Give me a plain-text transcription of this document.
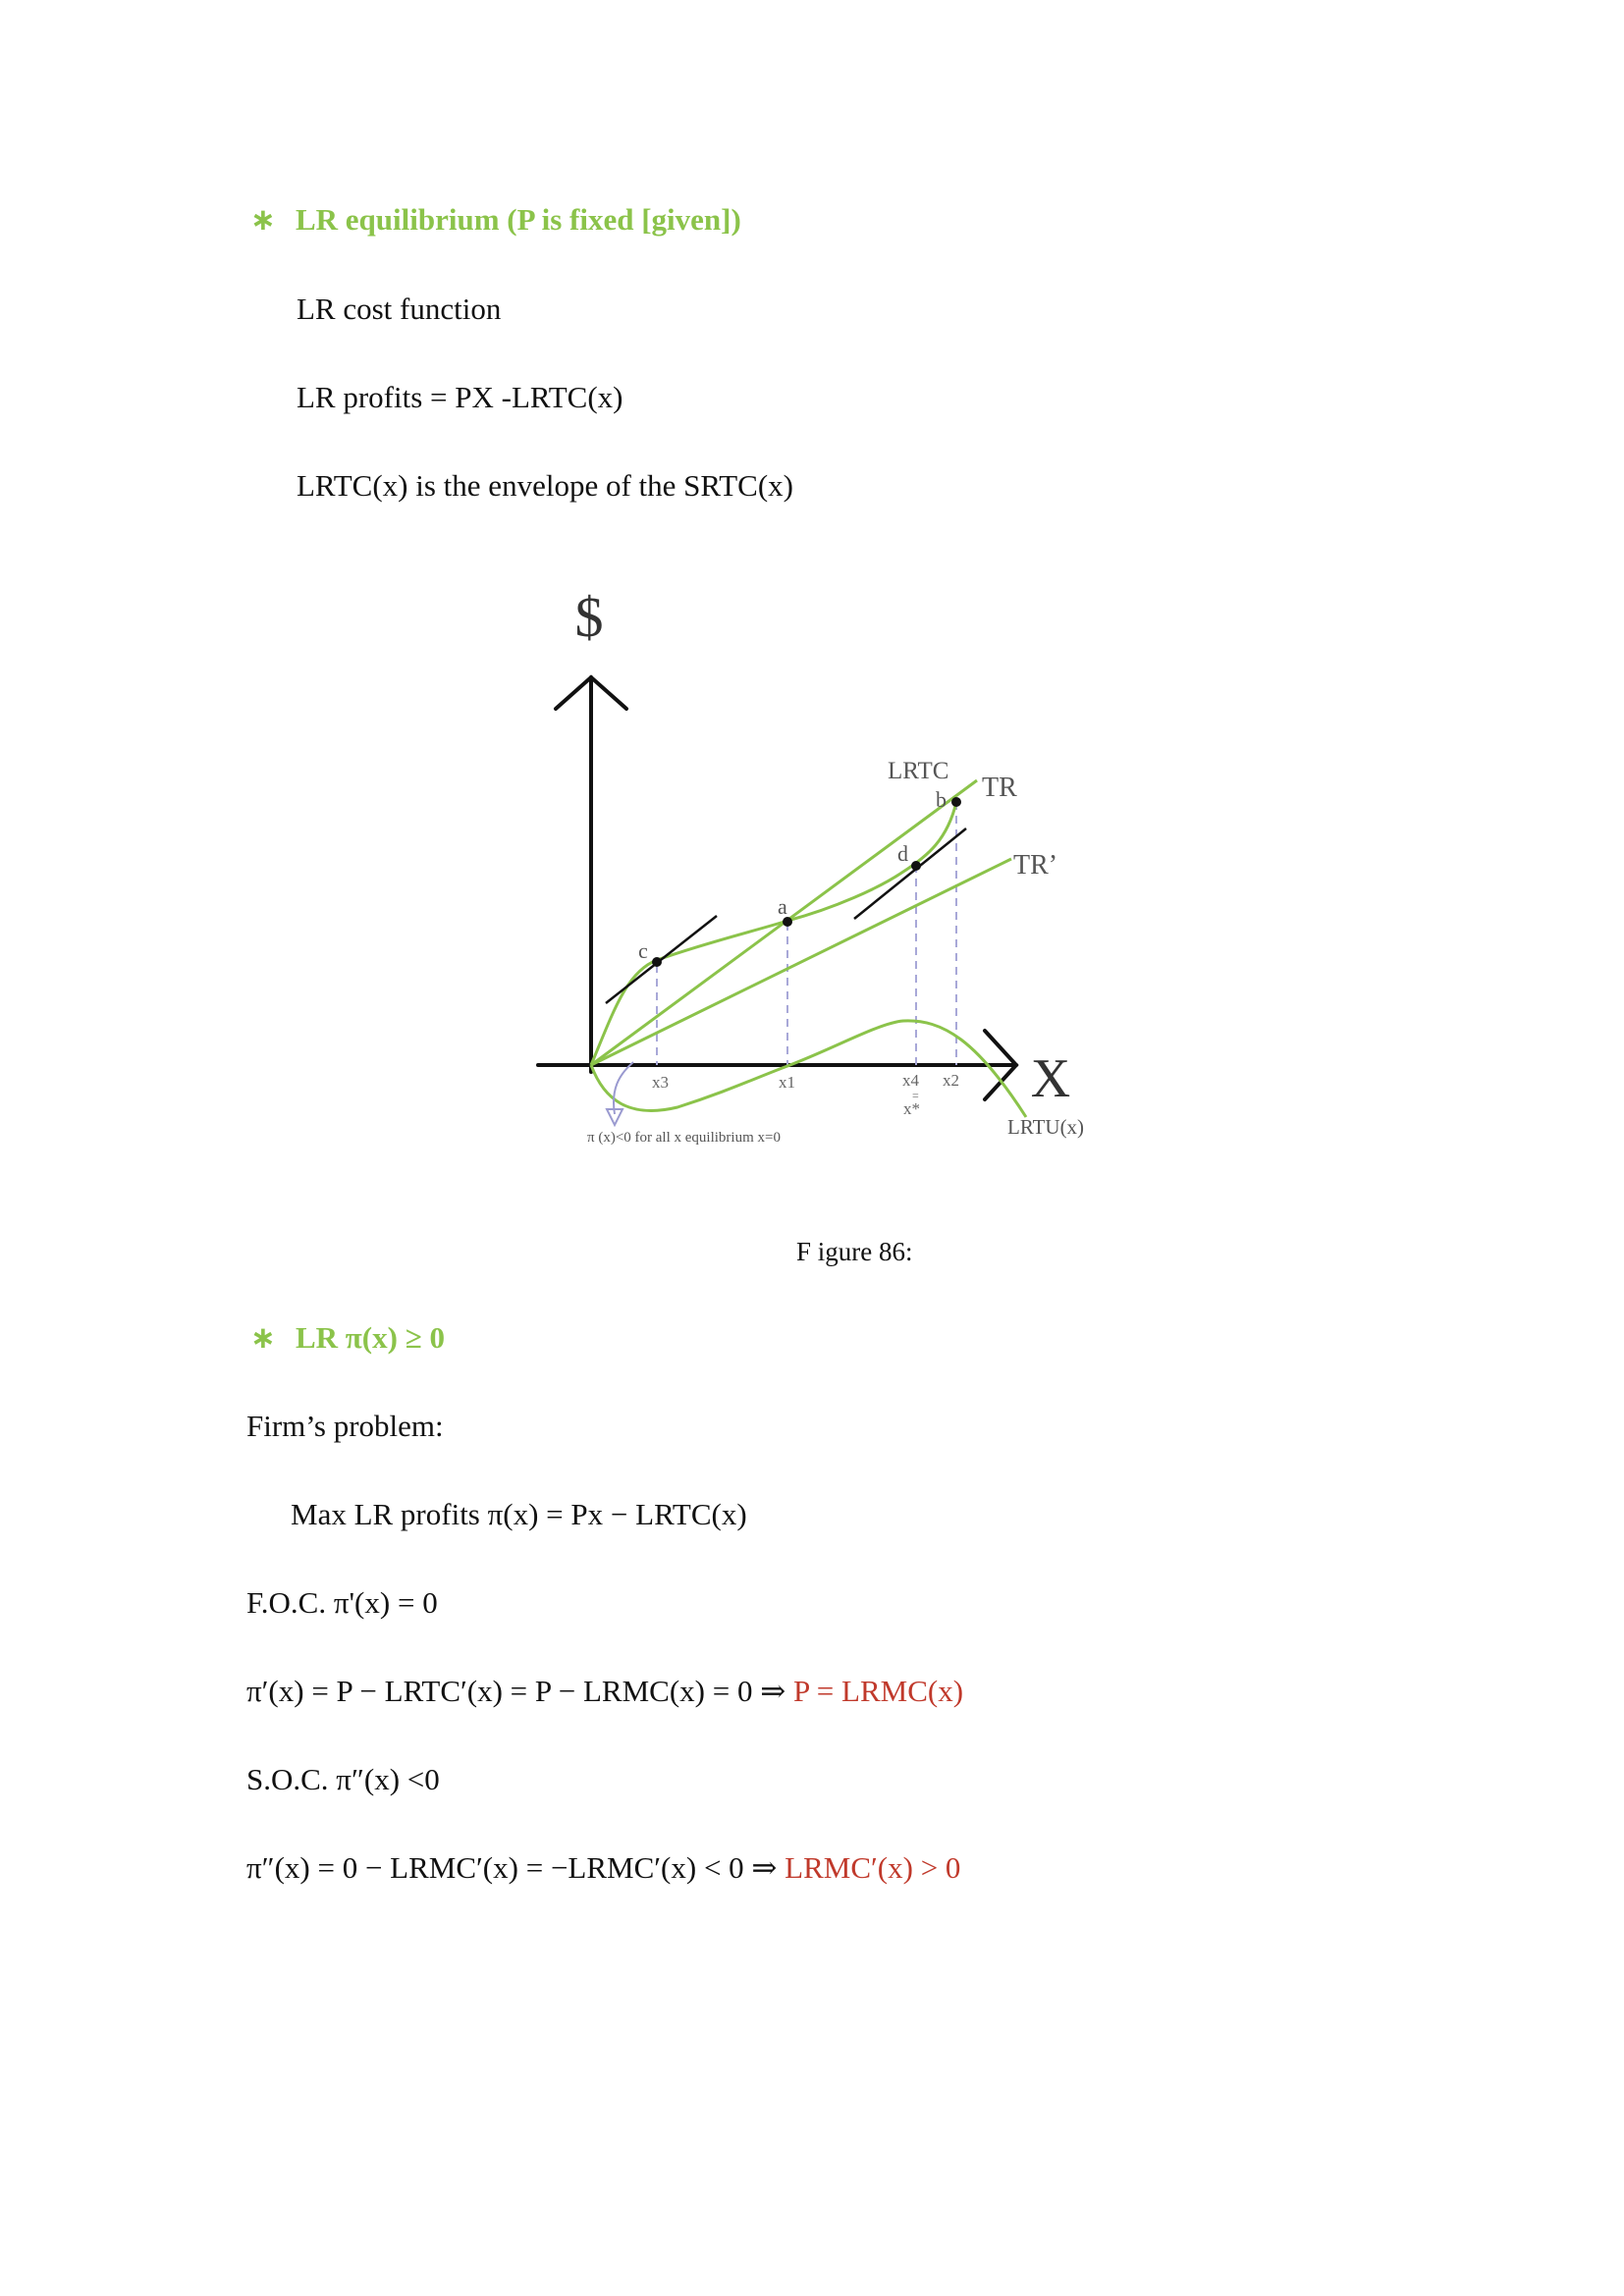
∗ LR equilibrium (P is fixed [given])
LR cost function
LR profits = PX -LRTC(x)
LRTC(x) is the envelope of the SRTC(x)
$
X
c
a
d
b
LRTC
TR
TR’
LRTU(x)
x3	x1	x4
=
x*
x2
π (x)<0 for all x equilibrium x=0
F igure 86:
∗ LR π(x) ≥ 0
Firm’s problem:
Max LR profits π(x) = Px − LRTC(x)
F.O.C. π'(x) = 0
π′(x) = P − LRTC′(x) = P − LRMC(x) = 0 ⇒ P = LRMC(x)
S.O.C. π″(x) <0
π″(x) = 0 − LRMC′(x) = −LRMC′(x) < 0 ⇒ LRMC′(x) > 0
